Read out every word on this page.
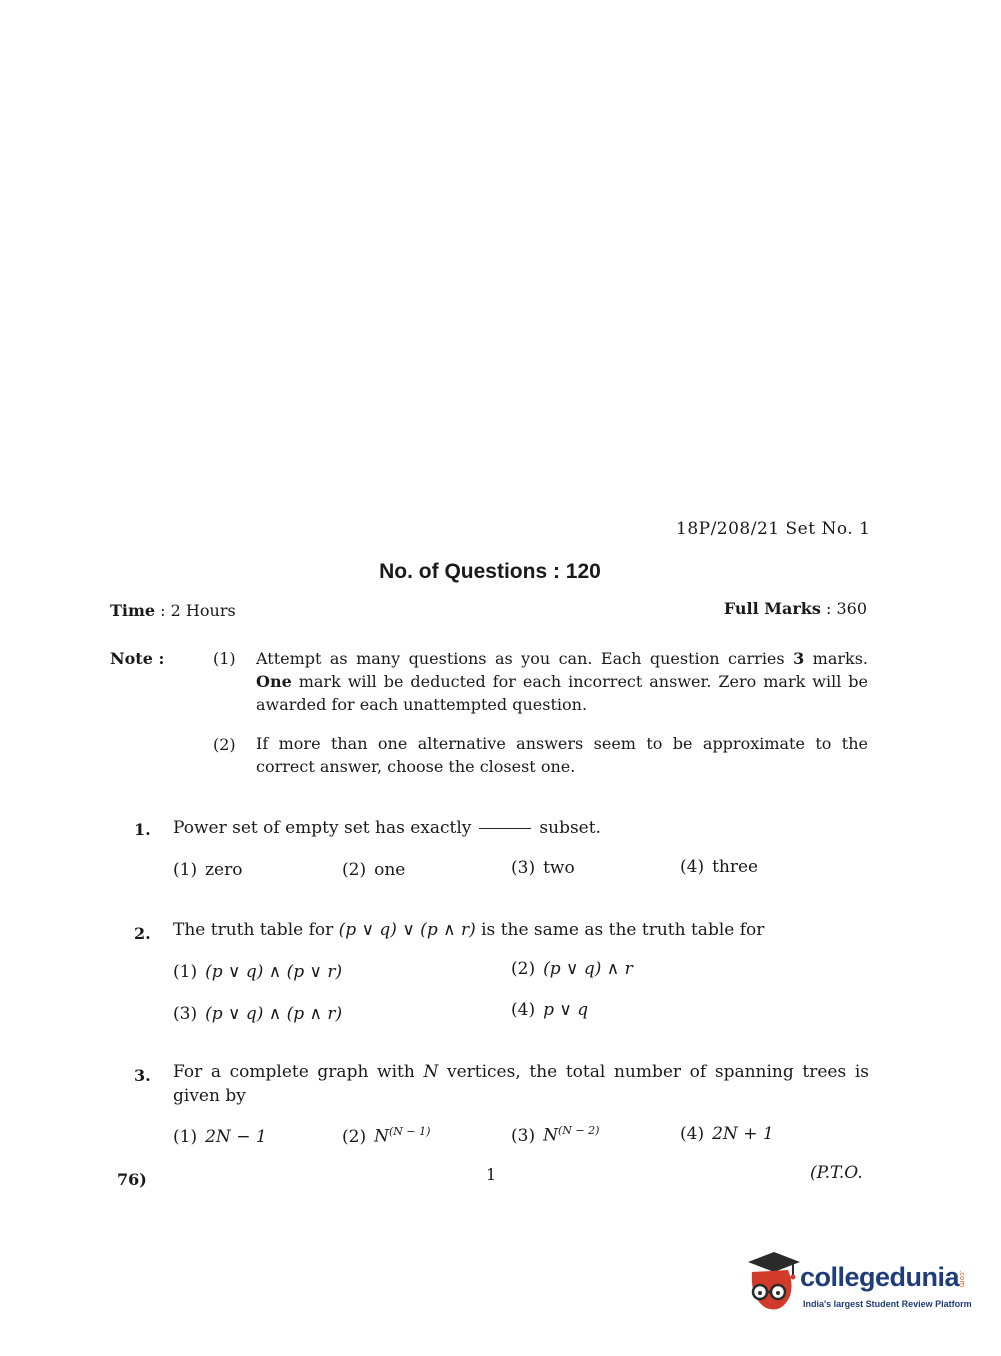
18P/208/21 Set No. 1
No. of Questions : 120
Time : 2 Hours	Full Marks : 360
Note :	(1) Attempt as many questions as you can. Each question carries 3 marks. One mark will be deducted for each incorrect answer. Zero mark will be awarded for each unattempted question.
(2) If more than one alternative answers seem to be approximate to the correct answer, choose the closest one.
1. Power set of empty set has exactly	subset.
(1) zero	(2) one	(3) two	(4) three
2. The truth table for (p ∨ q) ∨ (p ∧ r) is the same as the truth table for
(1) (p ∨ q) ∧ (p ∨ r)	(2) (p ∨ q) ∧ r
(3) (p ∨ q) ∧ (p ∧ r)	(4) p ∨ q
3. For a complete graph with N vertices, the total number of spanning trees is given by
(1) 2N − 1	(2) $N^{(N - 1)}$	(3) $N^{(N - 2)}$	(4) 2N + 1
76)	1	(P.T.O.
collegedunia
.com
India's largest Student Review Platform
